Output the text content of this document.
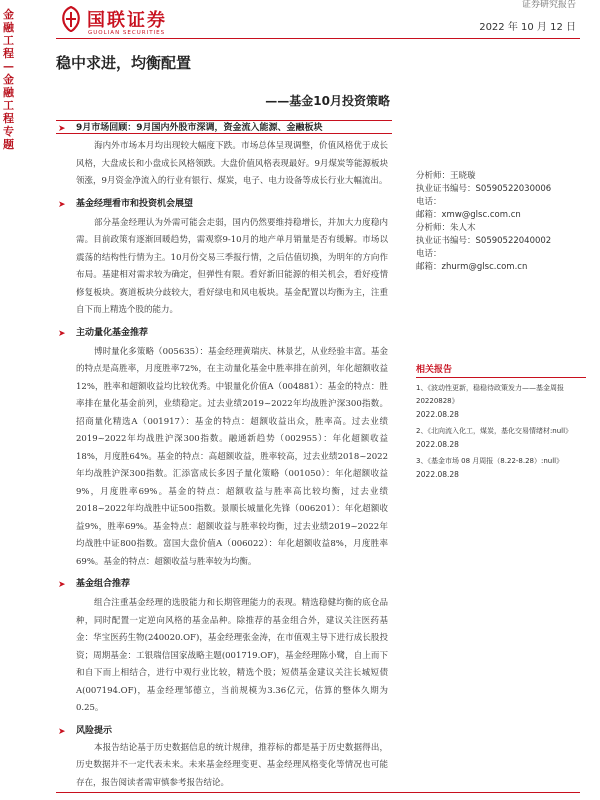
金融工程—金融工程专题
国联证券
GUOLIAN SECURITIES
证券研究报告
2022 年 10 月 12 日
稳中求进，均衡配置
——基金10月投资策略
➤ 9月市场回顾：9月国内外股市深调，资金流入能源、金融板块

海内外市场本月均出现较大幅度下跌。市场总体呈现调整，价值风格优于成长风格，大盘成长和小盘成长风格领跌。大盘价值风格表现最好。9月煤炭等能源板块领涨，9月资金净流入的行业有银行、煤炭，电子、电力设备等成长行业大幅流出。

➤ 基金经理看市和投资机会展望

部分基金经理认为外需可能会走弱，国内仍然要维持稳增长，并加大力度稳内需。目前政策有逐渐回暖趋势，需观察9-10月的地产单月销量是否有缓解。市场以震荡的结构性行情为主。10月份交易三季报行情，之后估值切换，为明年的方向作布局。基建相对需求较为确定，但弹性有限。看好新旧能源的相关机会，看好疫情修复板块。赛道板块分歧较大，看好绿电和风电板块。基金配置以均衡为主，注重自下而上精选个股的能力。

➤ 主动量化基金推荐

博时量化多策略（005635）：基金经理黄瑞庆、林景艺，从业经验丰富。基金的特点是高胜率，月度胜率72%，在主动量化基金中胜率排在前列，年化超额收益12%，胜率和超额收益均比较优秀。中银量化价值A（004881）：基金的特点：胜率排在量化基金前列，业绩稳定。过去业绩2019~2022年均战胜沪深300指数。招商量化精选A（001917）：基金的特点：超额收益出众，胜率高。过去业绩2019~2022年均战胜沪深300指数。融通新趋势（002955）：年化超额收益18%，月度胜64%。基金的特点：高超额收益，胜率较高，过去业绩2018~2022年均战胜沪深300指数。汇添富成长多因子量化策略（001050）：年化超额收益9%，月度胜率69%。基金的特点：超额收益与胜率高比较均衡，过去业绩2018~2022年均战胜中证500指数。景顺长城量化先锋（006201）：年化超额收益9%，胜率69%。基金特点：超额收益与胜率较均衡，过去业绩2019~2022年均战胜中证800指数。富国大盘价值A（006022）：年化超额收益8%，月度胜率69%。基金的特点：超额收益与胜率较为均衡。

➤ 基金组合推荐

组合注重基金经理的选股能力和长期管理能力的表现。精选稳健均衡的底仓品种，同时配置一定逆向风格的基金品种。除推荐的基金组合外，建议关注医药基金：华宝医药生物(240020.OF)，基金经理张金涛，在市值观主导下进行成长股投资；周期基金：工银瑞信国家战略主题(001719.OF)，基金经理陈小鹭，自上而下和自下而上相结合，进行中观行业比较，精选个股；短债基金建议关注长城短债A(007194.OF)，基金经理邹德立，当前规模为3.36亿元，估算的整体久期为0.25。

➤ 风险提示

本报告结论基于历史数据信息的统计规律，推荐标的都是基于历史数据得出，历史数据并不一定代表未来。未来基金经理变更、基金经理风格变化等情况也可能存在，报告阅读者需审慎参考报告结论。

分析师：王晓璇
执业证书编号：S0590522030006
电话：
邮箱：xmw@glsc.com.cn
分析师：朱人木
执业证书编号：S0590522040002
电话：
邮箱：zhurm@glsc.com.cn
相关报告
1、《波动性更新，稳稳待政策发力——基金周报 20220828》
2022.08.28
2、《北向流入化工，煤炭，基化交易情绪材:null》
2022.08.28
3、《基金市场 08 月周报（8.22-8.28）:null》
2022.08.28
